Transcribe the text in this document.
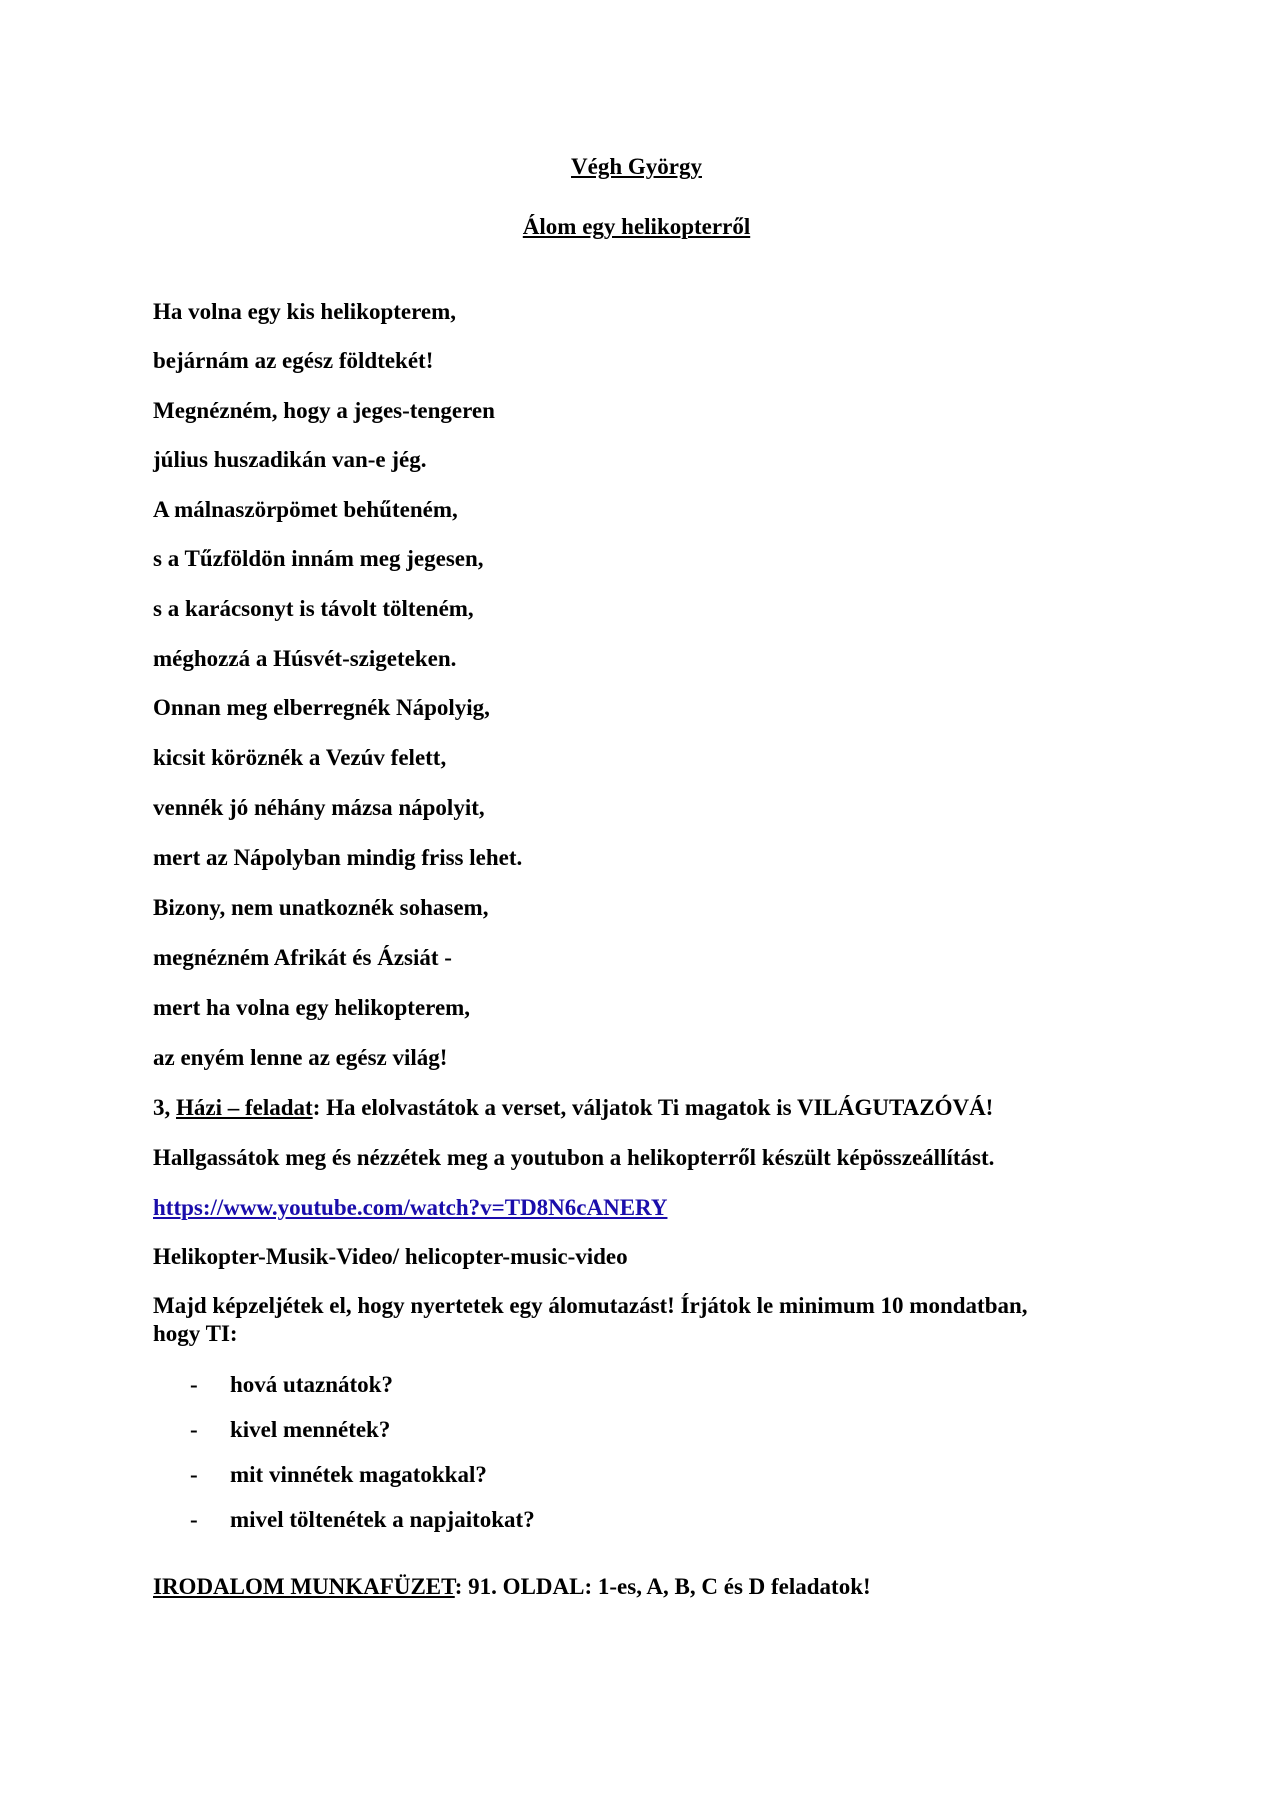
Végh György
Álom egy helikopterről
Ha volna egy kis helikopterem,
bejárnám az egész földtekét!
Megnézném, hogy a jeges-tengeren
július huszadikán van-e jég.
A málnaszörpömet behűteném,
s a Tűzföldön innám meg jegesen,
s a karácsonyt is távolt tölteném,
méghozzá a Húsvét-szigeteken.
Onnan meg elberregnék Nápolyig,
kicsit köröznék a Vezúv felett,
vennék jó néhány mázsa nápolyit,
mert az Nápolyban mindig friss lehet.
Bizony, nem unatkoznék sohasem,
megnézném Afrikát és Ázsiát -
mert ha volna egy helikopterem,
az enyém lenne az egész világ!
3, Házi – feladat: Ha elolvastátok a verset, váljatok Ti magatok is VILÁGUTAZÓVÁ!
Hallgassátok meg és nézzétek meg a youtubon a helikopterről készült képösszeállítást.
https://www.youtube.com/watch?v=TD8N6cANERY
Helikopter-Musik-Video/ helicopter-music-video
Majd képzeljétek el, hogy nyertetek egy álomutazást! Írjátok le minimum 10 mondatban, hogy TI:
- hová utaznátok?
- kivel mennétek?
- mit vinnétek magatokkal?
- mivel töltenétek a napjaitokat?
IRODALOM MUNKAFÜZET: 91. OLDAL: 1-es, A, B, C és D feladatok!
